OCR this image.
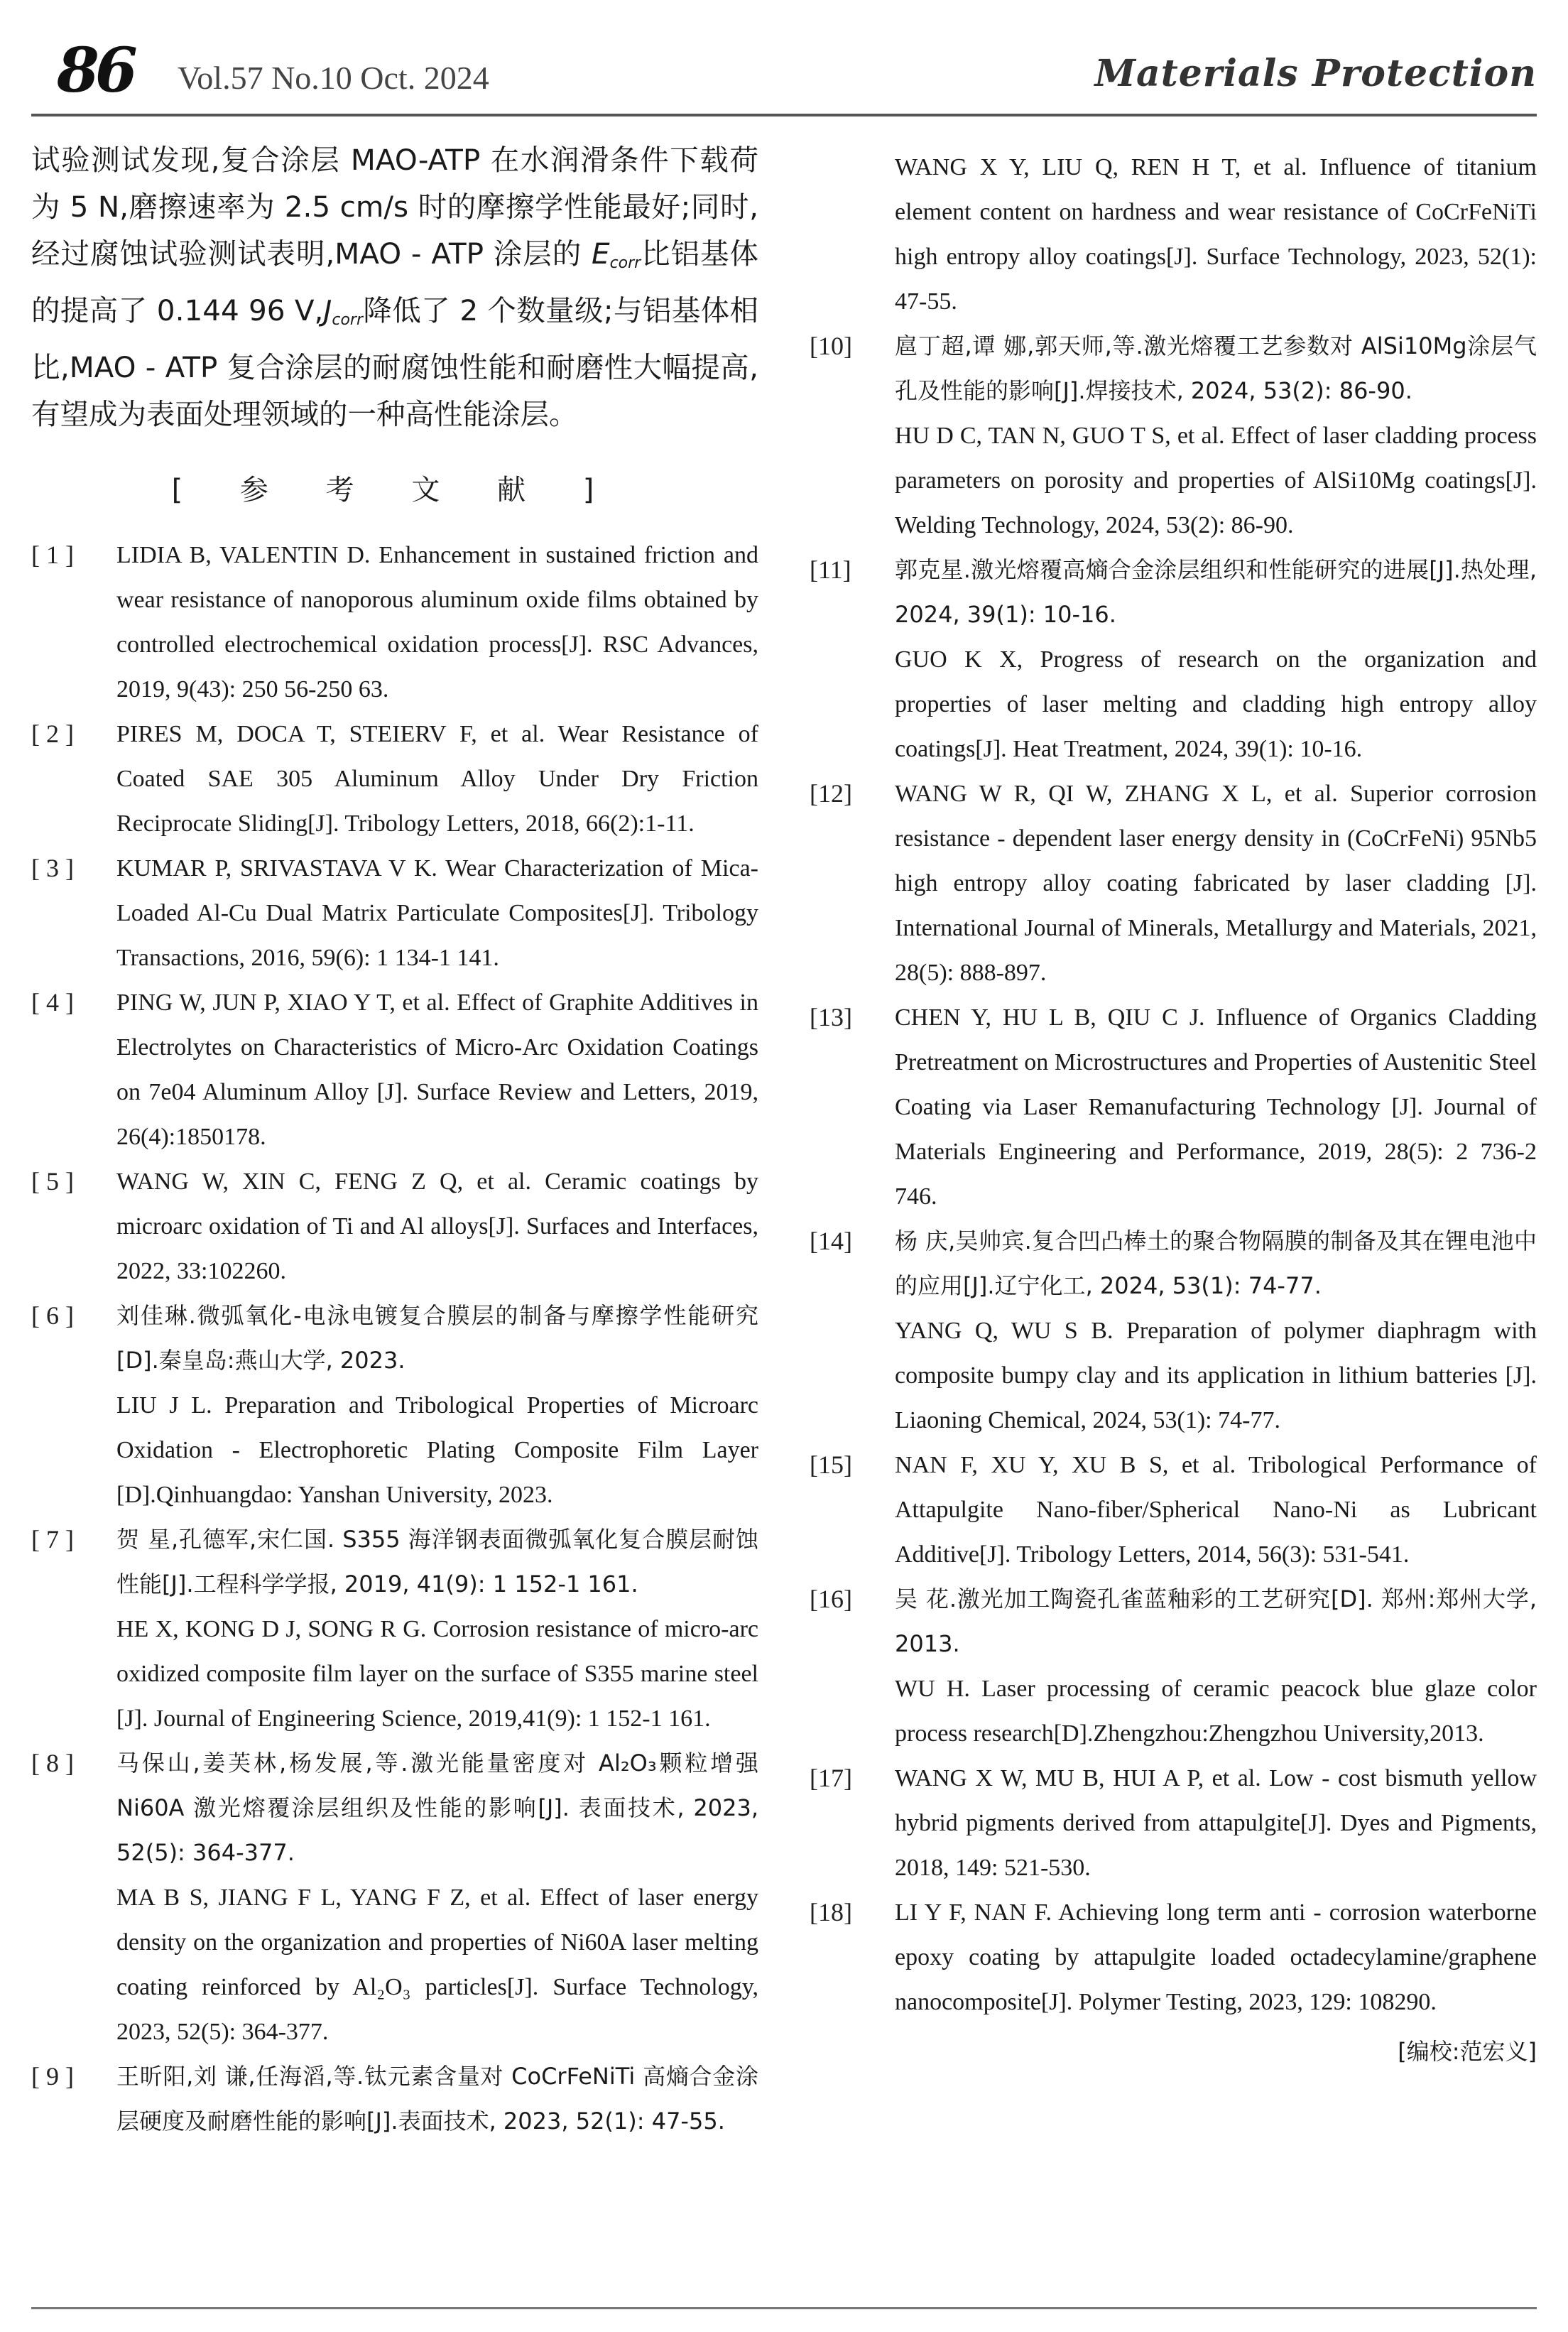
86 Vol.57 No.10 Oct. 2024	Materials Protection

试验测试发现,复合涂层 MAO-ATP 在水润滑条件下载荷为 5 N,磨擦速率为 2.5 cm/s 时的摩擦学性能最好;同时,经过腐蚀试验测试表明,MAO - ATP 涂层的 $E_{corr}$比铝基体的提高了 0.144 96 $V,J_{corr}$降低了 2 个数量级;与铝基体相比,MAO - ATP 复合涂层的耐腐蚀性能和耐磨性大幅提高,有望成为表面处理领域的一种高性能涂层。

[ 参 考 文 献 ]
[ 1 ]	LIDIA B, VALENTIN D. Enhancement in sustained friction and wear resistance of nanoporous aluminum oxide films obtained by controlled electrochemical oxidation process[J]. RSC Advances, 2019, 9(43): 250 56-250 63.

[ 2 ]	PIRES M, DOCA T, STEIERV F, et al. Wear Resistance of Coated SAE 305 Aluminum Alloy Under Dry Friction Reciprocate Sliding[J]. Tribology Letters, 2018, 66(2):1-11.

[ 3 ]	KUMAR P, SRIVASTAVA V K. Wear Characterization of Mica-Loaded Al-Cu Dual Matrix Particulate Composites[J]. Tribology Transactions, 2016, 59(6): 1 134-1 141.

[ 4 ]	PING W, JUN P, XIAO Y T, et al. Effect of Graphite Additives in Electrolytes on Characteristics of Micro-Arc Oxidation Coatings on 7e04 Aluminum Alloy [J]. Surface Review and Letters, 2019, 26(4):1850178.

[ 5 ]	WANG W, XIN C, FENG Z Q, et al. Ceramic coatings by microarc oxidation of Ti and Al alloys[J]. Surfaces and Interfaces, 2022, 33:102260.

[ 6 ]	刘佳琳.微弧氧化-电泳电镀复合膜层的制备与摩擦学性能研究[D].秦皇岛:燕山大学, 2023.

LIU J L. Preparation and Tribological Properties of Microarc Oxidation - Electrophoretic Plating Composite Film Layer [D].Qinhuangdao: Yanshan University, 2023.

[ 7 ]	贺 星,孔德军,宋仁国. S355 海洋钢表面微弧氧化复合膜层耐蚀性能[J].工程科学学报, 2019, 41(9): 1 152-1 161.

HE X, KONG D J, SONG R G. Corrosion resistance of micro-arc oxidized composite film layer on the surface of S355 marine steel [J]. Journal of Engineering Science, 2019,41(9): 1 152-1 161.

[ 8 ]	马保山,姜芙林,杨发展,等.激光能量密度对 Al₂O₃颗粒增强 Ni60A 激光熔覆涂层组织及性能的影响[J]. 表面技术, 2023, 52(5): 364-377.

MA B S, JIANG F L, YANG F Z, et al. Effect of laser energy density on the organization and properties of Ni60A laser melting coating reinforced by Al₂O₃ particles[J]. Surface Technology, 2023, 52(5): 364-377.

[ 9 ]	王昕阳,刘 谦,任海滔,等.钛元素含量对 CoCrFeNiTi 高熵合金涂层硬度及耐磨性能的影响[J].表面技术, 2023, 52(1): 47-55.

WANG X Y, LIU Q, REN H T, et al. Influence of titanium element content on hardness and wear resistance of CoCrFeNiTi high entropy alloy coatings[J]. Surface Technology, 2023, 52(1): 47-55.

[10]	扈丁超,谭 娜,郭天师,等.激光熔覆工艺参数对 AlSi10Mg涂层气孔及性能的影响[J].焊接技术, 2024, 53(2): 86-90.

HU D C, TAN N, GUO T S, et al. Effect of laser cladding process parameters on porosity and properties of AlSi10Mg coatings[J]. Welding Technology, 2024, 53(2): 86-90.

[11]	郭克星.激光熔覆高熵合金涂层组织和性能研究的进展[J].热处理, 2024, 39(1): 10-16.

GUO K X, Progress of research on the organization and properties of laser melting and cladding high entropy alloy coatings[J]. Heat Treatment, 2024, 39(1): 10-16.

[12]	WANG W R, QI W, ZHANG X L, et al. Superior corrosion resistance - dependent laser energy density in (CoCrFeNi) 95Nb5 high entropy alloy coating fabricated by laser cladding [J]. International Journal of Minerals, Metallurgy and Materials, 2021, 28(5): 888-897.

[13]	CHEN Y, HU L B, QIU C J. Influence of Organics Cladding Pretreatment on Microstructures and Properties of Austenitic Steel Coating via Laser Remanufacturing Technology [J]. Journal of Materials Engineering and Performance, 2019, 28(5): 2 736-2 746.

[14]	杨 庆,吴帅宾.复合凹凸棒土的聚合物隔膜的制备及其在锂电池中的应用[J].辽宁化工, 2024, 53(1): 74-77.

YANG Q, WU S B. Preparation of polymer diaphragm with composite bumpy clay and its application in lithium batteries [J]. Liaoning Chemical, 2024, 53(1): 74-77.

[15]	NAN F, XU Y, XU B S, et al. Tribological Performance of Attapulgite Nano-fiber/Spherical Nano-Ni as Lubricant Additive[J]. Tribology Letters, 2014, 56(3): 531-541.

[16]	吴 花.激光加工陶瓷孔雀蓝釉彩的工艺研究[D]. 郑州:郑州大学, 2013.

WU H. Laser processing of ceramic peacock blue glaze color process research[D].Zhengzhou:Zhengzhou University,2013.

[17]	WANG X W, MU B, HUI A P, et al. Low - cost bismuth yellow hybrid pigments derived from attapulgite[J]. Dyes and Pigments, 2018, 149: 521-530.

[18]	LI Y F, NAN F. Achieving long term anti - corrosion waterborne epoxy coating by attapulgite loaded octadecylamine/graphene nanocomposite[J]. Polymer Testing, 2023, 129: 108290.

[编校:范宏义]
